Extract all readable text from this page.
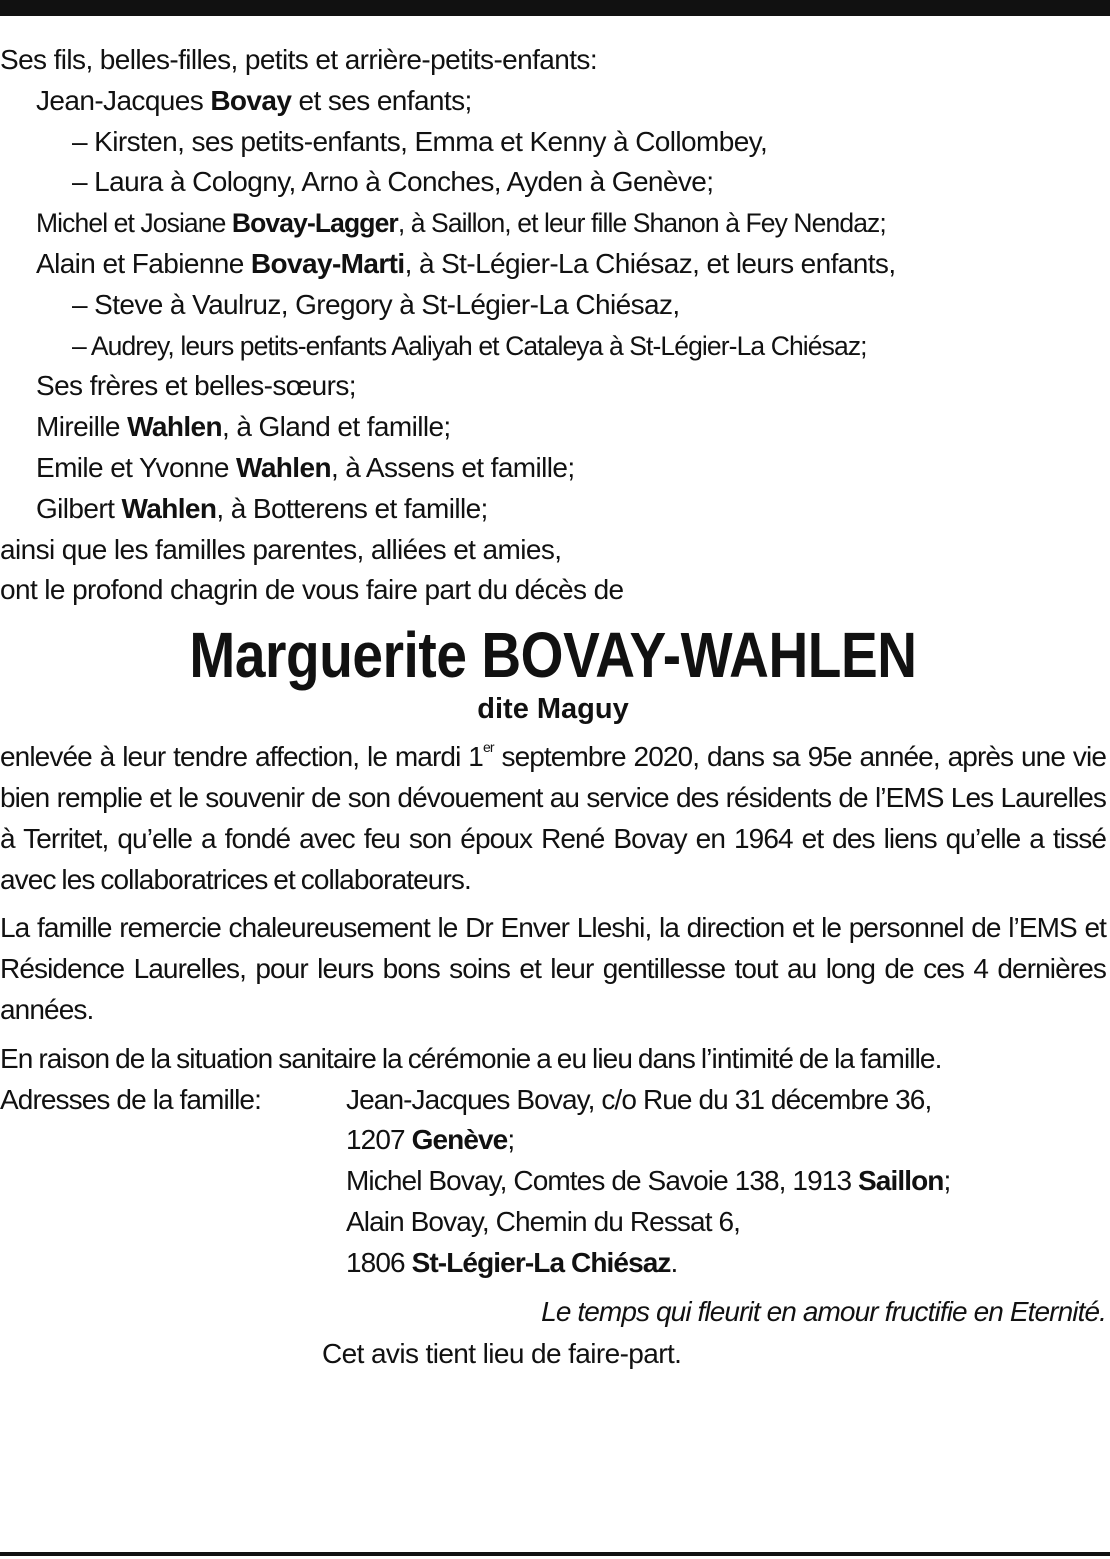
Ses fils, belles-filles, petits et arrière-petits-enfants:
Jean-Jacques Bovay et ses enfants;
– Kirsten, ses petits-enfants, Emma et Kenny à Collombey,
– Laura à Cologny, Arno à Conches, Ayden à Genève;
Michel et Josiane Bovay-Lagger, à Saillon, et leur fille Shanon à Fey Nendaz;
Alain et Fabienne Bovay-Marti, à St-Légier-La Chiésaz, et leurs enfants,
– Steve à Vaulruz, Gregory à St-Légier-La Chiésaz,
– Audrey, leurs petits-enfants Aaliyah et Cataleya à St-Légier-La Chiésaz;
Ses frères et belles-sœurs;
Mireille Wahlen, à Gland et famille;
Emile et Yvonne Wahlen, à Assens et famille;
Gilbert Wahlen, à Botterens et famille;
ainsi que les familles parentes, alliées et amies,
ont le profond chagrin de vous faire part du décès de
Marguerite BOVAY-WAHLEN
dite Maguy
enlevée à leur tendre affection, le mardi 1er septembre 2020, dans sa 95e année, après une vie bien remplie et le souvenir de son dévouement au service des résidents de l’EMS Les Laurelles à Territet, qu’elle a fondé avec feu son époux René Bovay en 1964 et des liens qu’elle a tissé avec les collaboratrices et collaborateurs.
La famille remercie chaleureusement le Dr Enver Lleshi, la direction et le personnel de l’EMS et Résidence Laurelles, pour leurs bons soins et leur gentillesse tout au long de ces 4 dernières années.
En raison de la situation sanitaire la cérémonie a eu lieu dans l’intimité de la famille.
Adresses de la famille:	Jean-Jacques Bovay, c/o Rue du 31 décembre 36,
1207 Genève;
Michel Bovay, Comtes de Savoie 138, 1913 Saillon;
Alain Bovay, Chemin du Ressat 6,
1806 St-Légier-La Chiésaz.
Le temps qui fleurit en amour fructifie en Eternité.
Cet avis tient lieu de faire-part.
